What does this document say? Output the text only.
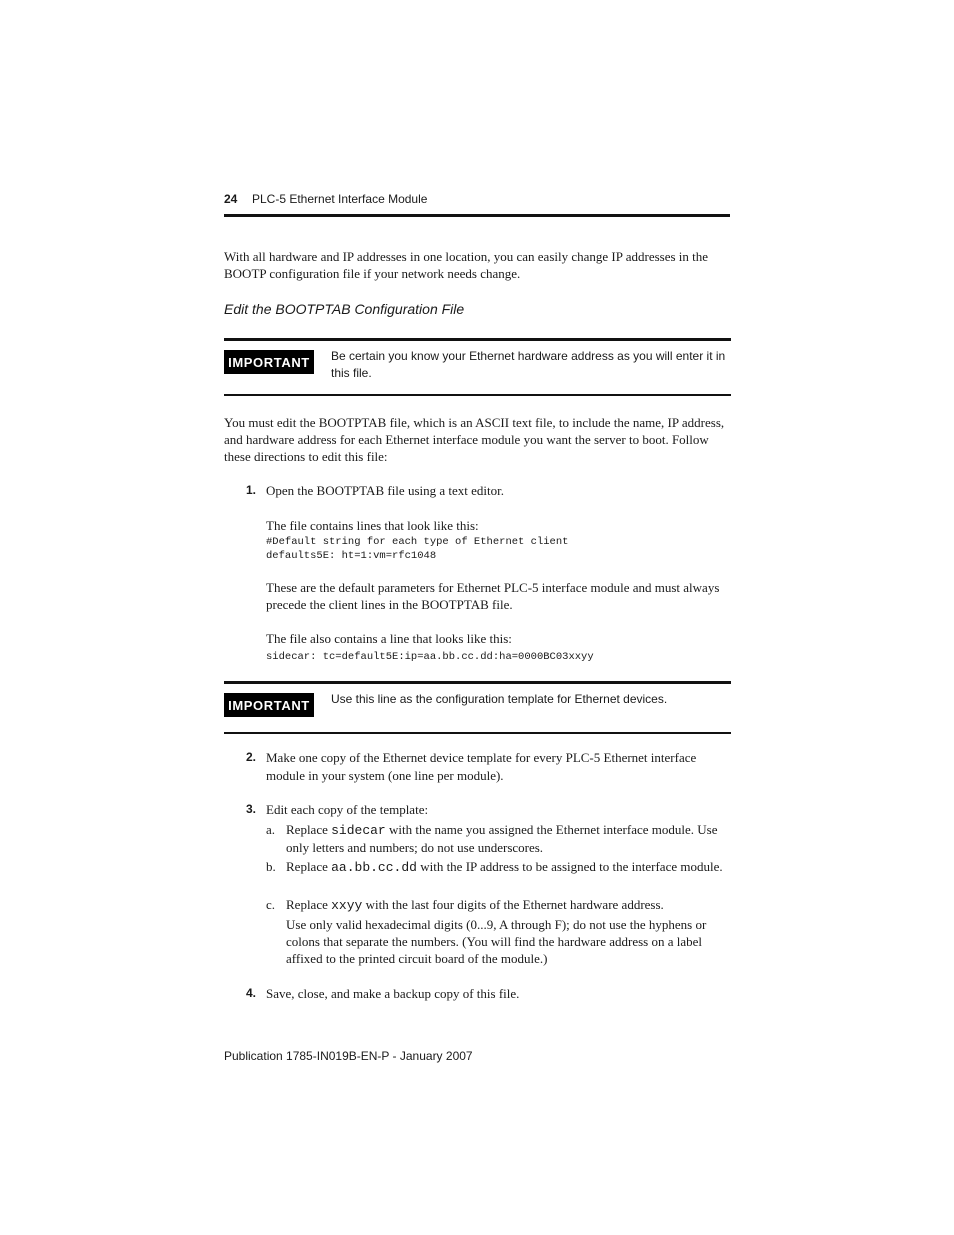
24 PLC-5 Ethernet Interface Module
With all hardware and IP addresses in one location, you can easily change IP addresses in the BOOTP configuration file if your network needs change.
Edit the BOOTPTAB Configuration File
IMPORTANT	Be certain you know your Ethernet hardware address as you will enter it in this file.
You must edit the BOOTPTAB file, which is an ASCII text file, to include the name, IP address, and hardware address for each Ethernet interface module you want the server to boot. Follow these directions to edit this file:
1. Open the BOOTPTAB file using a text editor.
The file contains lines that look like this:
#Default string for each type of Ethernet client
defaults5E: ht=1:vm=rfc1048
These are the default parameters for Ethernet PLC-5 interface module and must always precede the client lines in the BOOTPTAB file.
The file also contains a line that looks like this:
sidecar: tc=default5E:ip=aa.bb.cc.dd:ha=0000BC03xxyy
IMPORTANT	Use this line as the configuration template for Ethernet devices.
2. Make one copy of the Ethernet device template for every PLC-5 Ethernet interface module in your system (one line per module).
3. Edit each copy of the template:
a. Replace sidecar with the name you assigned the Ethernet interface module. Use only letters and numbers; do not use underscores.
b. Replace aa.bb.cc.dd with the IP address to be assigned to the interface module.
c. Replace xxyy with the last four digits of the Ethernet hardware address.
Use only valid hexadecimal digits (0...9, A through F); do not use the hyphens or colons that separate the numbers. (You will find the hardware address on a label affixed to the printed circuit board of the module.)
4. Save, close, and make a backup copy of this file.
Publication 1785-IN019B-EN-P - January 2007
